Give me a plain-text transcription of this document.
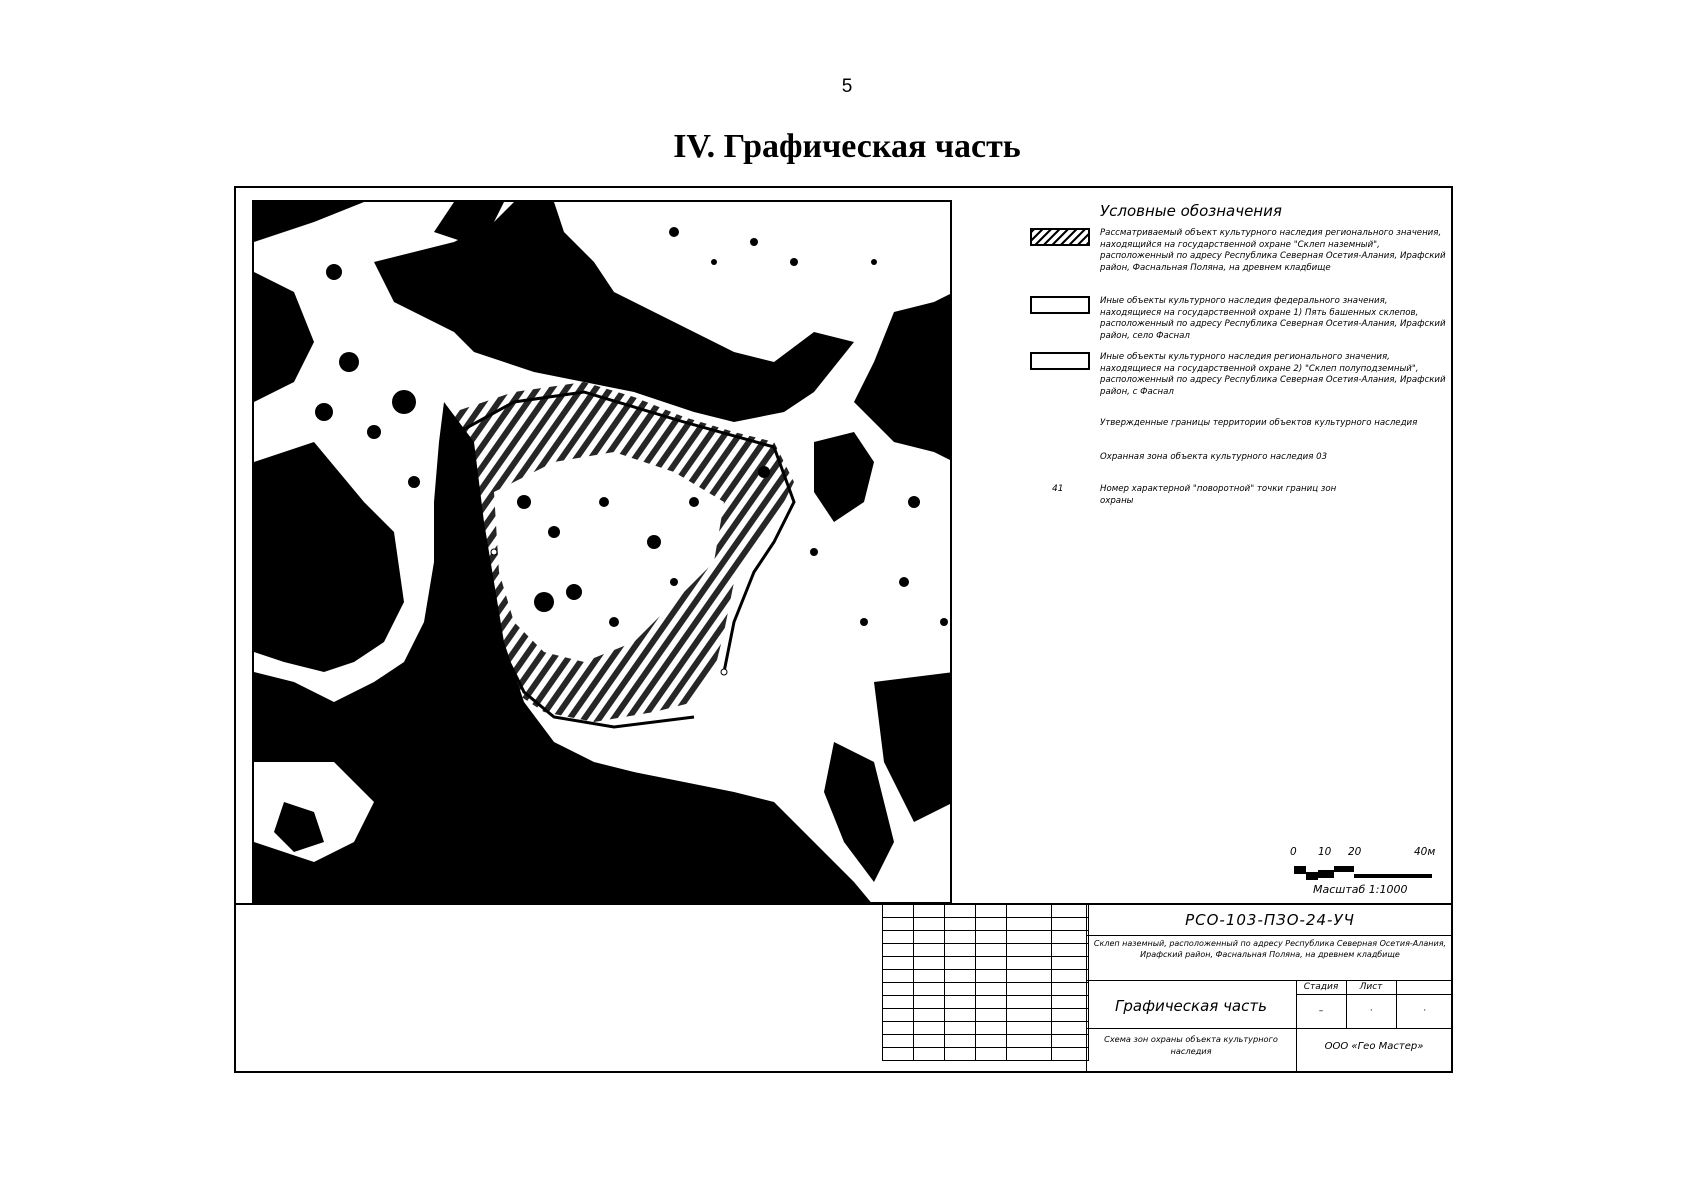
5
IV. Графическая часть
Условные обозначения
Рассматриваемый объект культурного наследия регионального значения, находящийся на государственной охране "Склеп наземный", расположенный по адресу Республика Северная Осетия-Алания, Ирафский район, Фаснальная Поляна, на древнем кладбище
Иные объекты культурного наследия федерального значения, находящиеся на государственной охране 1) Пять башенных склепов, расположенный по адресу Республика Северная Осетия-Алания, Ирафский район, село Фаснал
Иные объекты культурного наследия регионального значения, находящиеся на государственной охране 2) "Склеп полуподземный", расположенный по адресу Республика Северная Осетия-Алания, Ирафский район, с Фаснал
Утвержденные границы территории объектов культурного наследия
Охранная зона объекта культурного наследия 03
41	Номер характерной "поворотной" точки границ зон охраны
0 10 20	40м
Масштаб 1:1000

РСО-103-ПЗО-24-УЧ
Склеп наземный, расположенный по адресу Республика Северная Осетия-Алания, Ирафский район, Фаснальная Поляна, на древнем кладбище
Графическая часть
Стадия	Лист
–	·	·
Схема зон охраны объекта культурного наследия	ООО «Гео Мастер»
